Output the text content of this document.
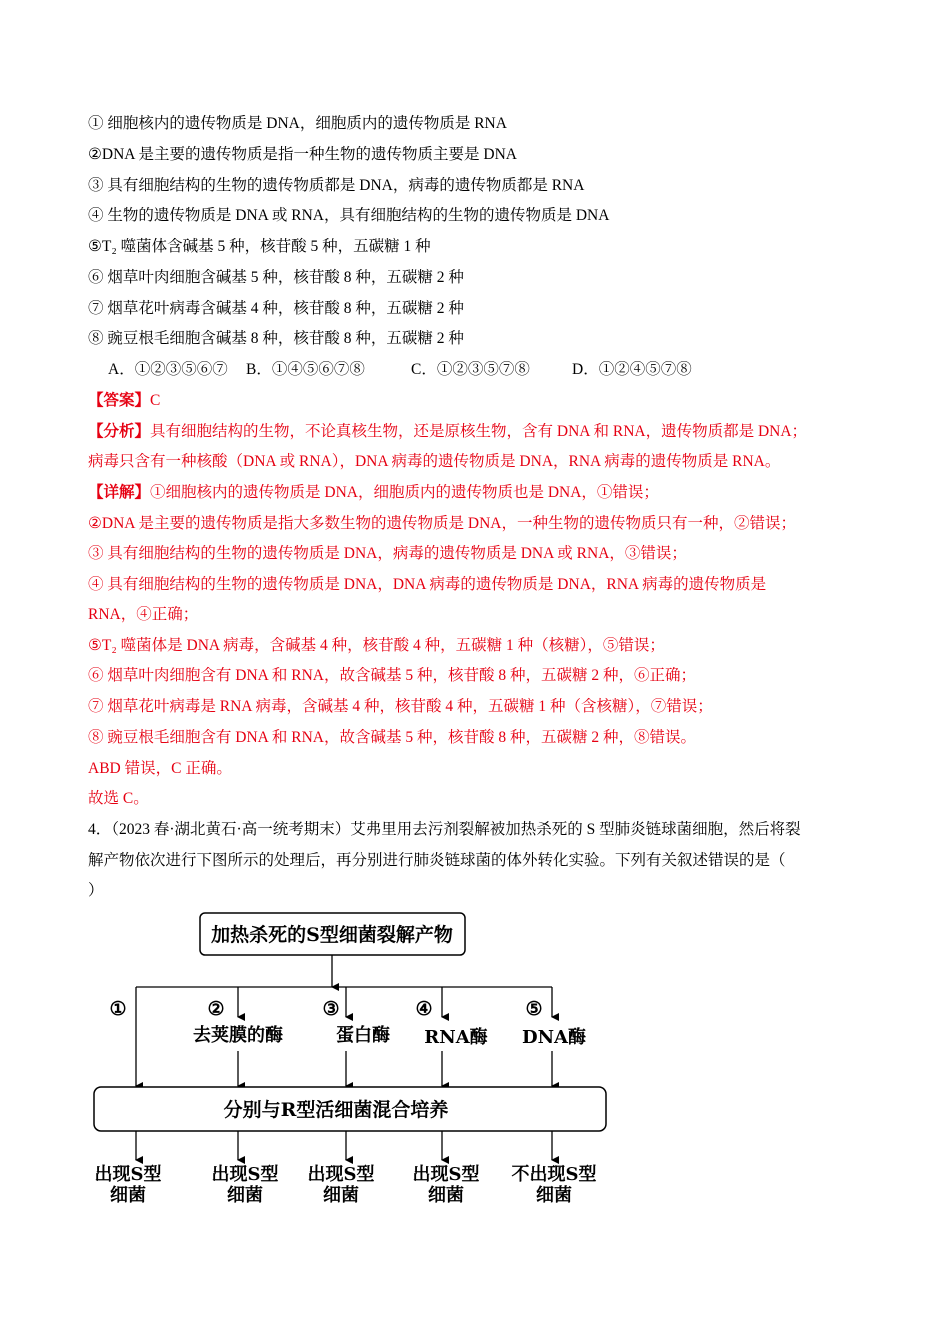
① 细胞核内的遗传物质是 DNA，细胞质内的遗传物质是 RNA
②DNA 是主要的遗传物质是指一种生物的遗传物质主要是 DNA
③ 具有细胞结构的生物的遗传物质都是 DNA，病毒的遗传物质都是 RNA
④ 生物的遗传物质是 DNA 或 RNA，具有细胞结构的生物的遗传物质是 DNA
⑤T₂ 噬菌体含碱基 5 种，核苷酸 5 种，五碳糖 1 种
⑥ 烟草叶肉细胞含碱基 5 种，核苷酸 8 种，五碳糖 2 种
⑦ 烟草花叶病毒含碱基 4 种，核苷酸 8 种，五碳糖 2 种
⑧ 豌豆根毛细胞含碱基 8 种，核苷酸 8 种，五碳糖 2 种
A．①②③⑤⑥⑦ B．①④⑤⑥⑦⑧	C．①②③⑤⑦⑧	D．①②④⑤⑦⑧
【答案】C
【分析】具有细胞结构的生物，不论真核生物，还是原核生物，含有 DNA 和 RNA，遗传物质都是 DNA；
病毒只含有一种核酸（DNA 或 RNA），DNA 病毒的遗传物质是 DNA，RNA 病毒的遗传物质是 RNA。
【详解】①细胞核内的遗传物质是 DNA，细胞质内的遗传物质也是 DNA，①错误；
②DNA 是主要的遗传物质是指大多数生物的遗传物质是 DNA，一种生物的遗传物质只有一种，②错误；
③ 具有细胞结构的生物的遗传物质是 DNA，病毒的遗传物质是 DNA 或 RNA，③错误；
④ 具有细胞结构的生物的遗传物质是 DNA，DNA 病毒的遗传物质是 DNA，RNA 病毒的遗传物质是
RNA，④正确；
⑤T₂ 噬菌体是 DNA 病毒，含碱基 4 种，核苷酸 4 种，五碳糖 1 种（核糖），⑤错误；
⑥ 烟草叶肉细胞含有 DNA 和 RNA，故含碱基 5 种，核苷酸 8 种，五碳糖 2 种，⑥正确；
⑦ 烟草花叶病毒是 RNA 病毒，含碱基 4 种，核苷酸 4 种，五碳糖 1 种（含核糖），⑦错误；
⑧ 豌豆根毛细胞含有 DNA 和 RNA，故含碱基 5 种，核苷酸 8 种，五碳糖 2 种，⑧错误。
ABD 错误，C 正确。
故选 C。
4．（2023 春·湖北黄石·高一统考期末）艾弗里用去污剂裂解被加热杀死的 S 型肺炎链球菌细胞，然后将裂
解产物依次进行下图所示的处理后，再分别进行肺炎链球菌的体外转化实验。下列有关叙述错误的是（
）
加热杀死的S型细菌裂解产物
①	②	③	④	⑤
去荚膜的酶	蛋白酶 RNA酶 DNA酶
分别与R型活细菌混合培养
出现S型
细菌
出现S型
细菌
出现S型
细菌
出现S型
细菌
不出现S型
细菌
